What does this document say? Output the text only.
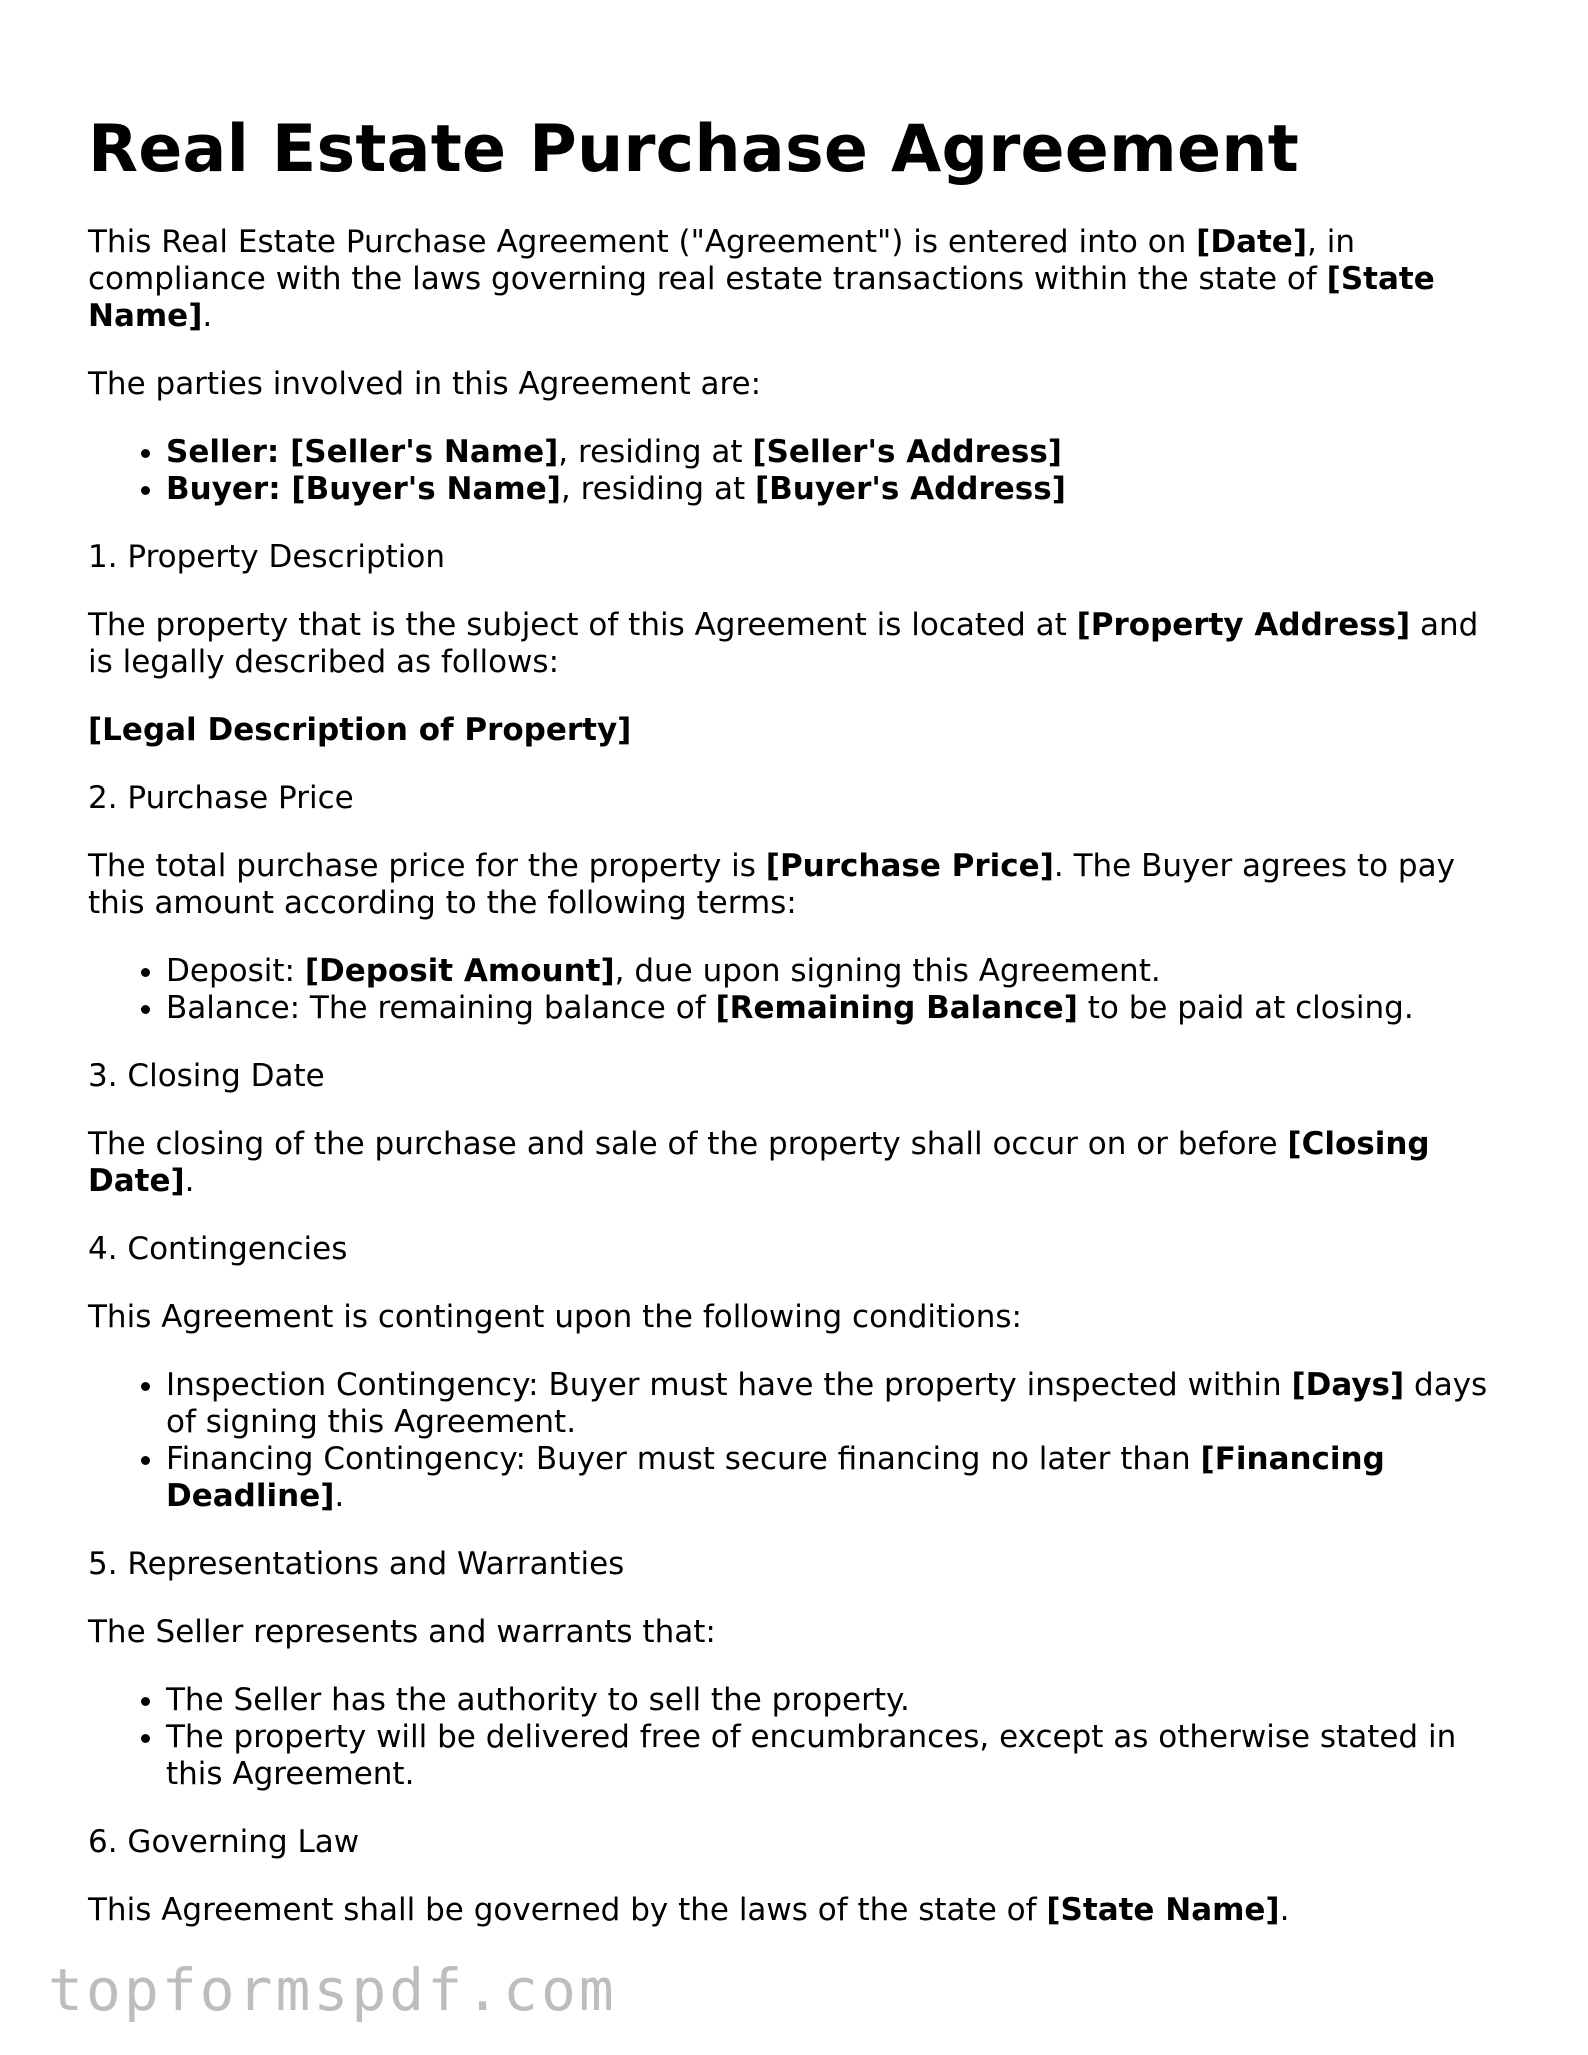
Real Estate Purchase Agreement

This Real Estate Purchase Agreement ("Agreement") is entered into on [Date], in compliance with the laws governing real estate transactions within the state of [State Name].

The parties involved in this Agreement are:

• Seller: [Seller's Name], residing at [Seller's Address]
• Buyer: [Buyer's Name], residing at [Buyer's Address]

1. Property Description

The property that is the subject of this Agreement is located at [Property Address] and is legally described as follows:

[Legal Description of Property]

2. Purchase Price

The total purchase price for the property is [Purchase Price]. The Buyer agrees to pay this amount according to the following terms:

• Deposit: [Deposit Amount], due upon signing this Agreement.
• Balance: The remaining balance of [Remaining Balance] to be paid at closing.

3. Closing Date

The closing of the purchase and sale of the property shall occur on or before [Closing Date].

4. Contingencies

This Agreement is contingent upon the following conditions:

• Inspection Contingency: Buyer must have the property inspected within [Days] days of signing this Agreement.
• Financing Contingency: Buyer must secure financing no later than [Financing Deadline].

5. Representations and Warranties

The Seller represents and warrants that:

• The Seller has the authority to sell the property.
• The property will be delivered free of encumbrances, except as otherwise stated in this Agreement.

6. Governing Law

This Agreement shall be governed by the laws of the state of [State Name].

topformspdf.com
